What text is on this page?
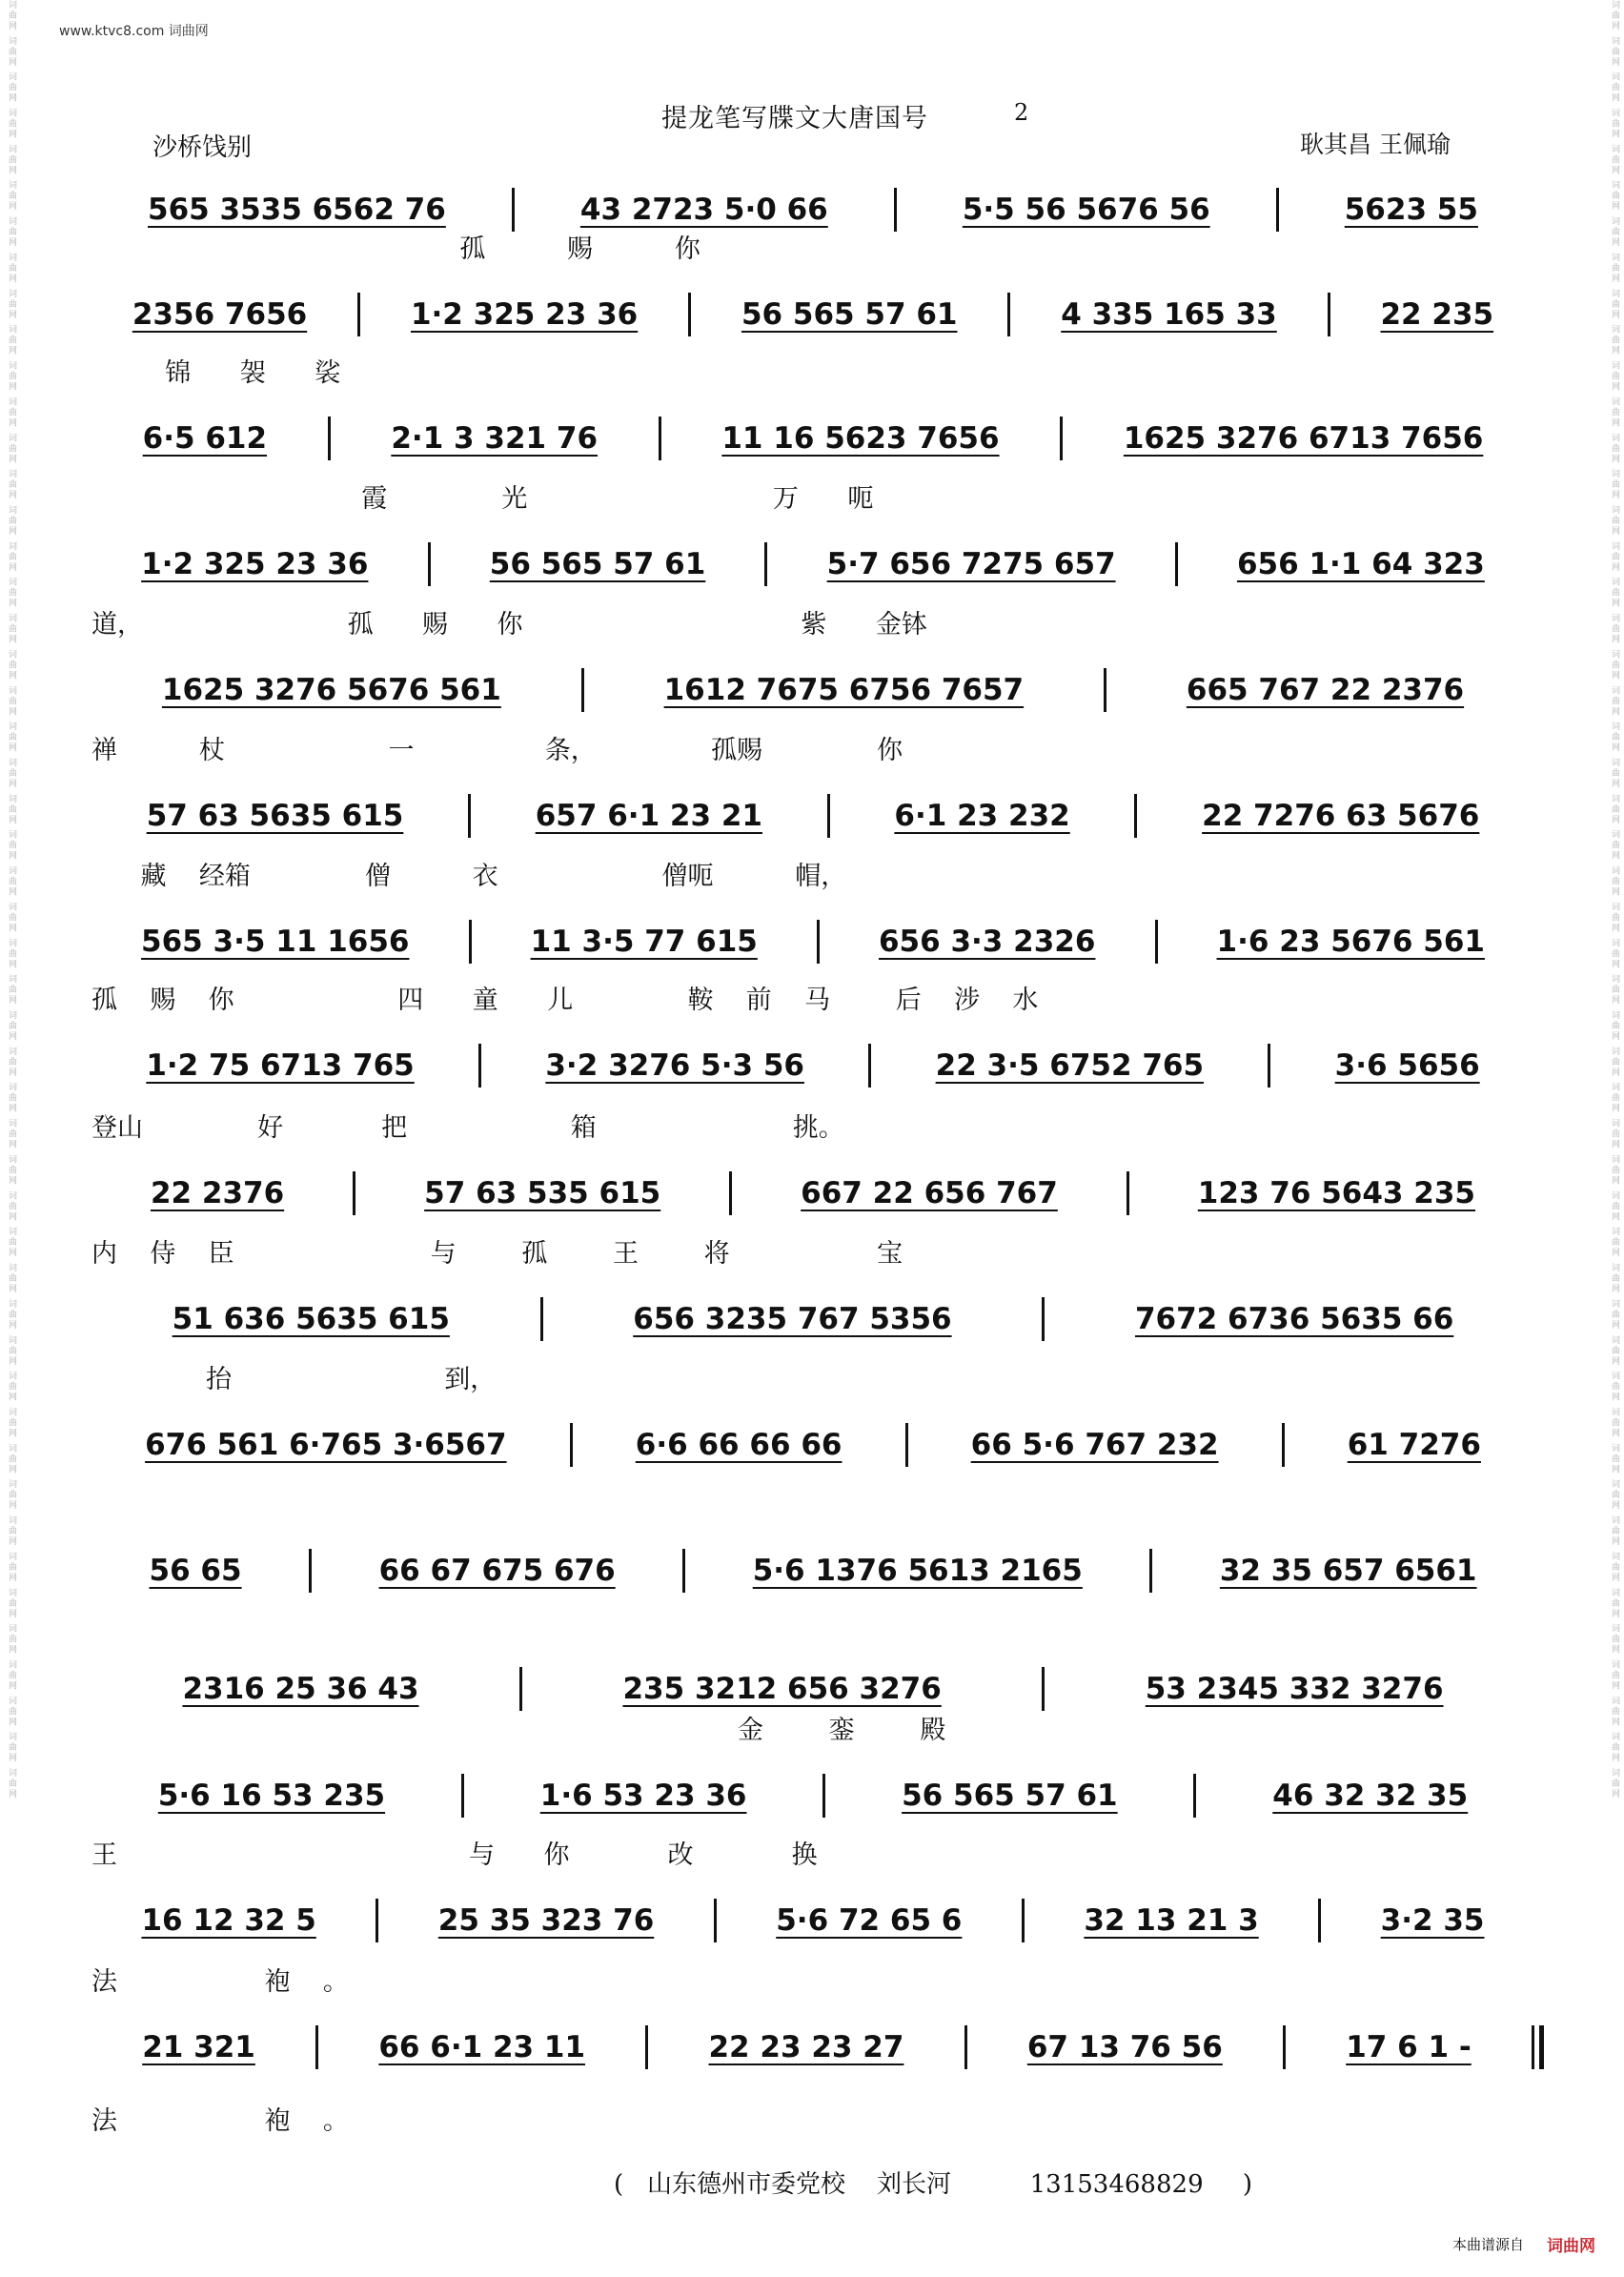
词曲网 词曲网 词曲网 词曲网 词曲网 词曲网 词曲网 词曲网 词曲网 词曲网 词曲网 词曲网 词曲网 词曲网 词曲网 词曲网 词曲网 词曲网 词曲网 词曲网 词曲网 词曲网 词曲网 词曲网 词曲网 词曲网 词曲网 词曲网 词曲网 词曲网 词曲网 词曲网 词曲网 词曲网 词曲网 词曲网 词曲网 词曲网 词曲网 词曲网 词曲网 词曲网 词曲网 词曲网 词曲网 词曲网 词曲网 词曲网 词曲网 词曲网	词曲网 词曲网 词曲网 词曲网 词曲网 词曲网 词曲网 词曲网 词曲网 词曲网 词曲网 词曲网 词曲网 词曲网 词曲网 词曲网 词曲网 词曲网 词曲网 词曲网 词曲网 词曲网 词曲网 词曲网 词曲网 词曲网 词曲网 词曲网 词曲网 词曲网 词曲网 词曲网 词曲网 词曲网 词曲网 词曲网 词曲网 词曲网 词曲网 词曲网 词曲网 词曲网 词曲网 词曲网 词曲网 词曲网 词曲网 词曲网 词曲网 词曲网
www.ktvc8.com 词曲网
提龙笔写牒文大唐国号	2
沙桥饯别	耿其昌 王佩瑜
565 3535 6562 76	43 2723 5·0 66	5·5 56 5676 56	5623 55
2356 7656	1·2 325 23 36	56 565 57 61	4 335 165 33	22 235
孤          赐          你
6·5 612	2·1 3 321 76	11 16 5623 7656	1625 3276 6713 7656
锦      袈      裟
1·2 325 23 36	56 565 57 61	5·7 656 7275 657	656 1·1 64 323
霞              光                              万      呃
1625 3276 5676 561	1612 7675 6756 7657	665 767 22 2376
道，                         孤      赐      你                                  紫      金钵
57 63 5635 615	657 6·1 23 21	6·1 23 232	22 7276 63 5676
禅          杖                    一                条，              孤赐              你
565 3·5 11 1656	11 3·5 77 615	656 3·3 2326	1·6 23 5676 561
藏    经箱              僧          衣                    僧呃          帽，
1·2 75 6713 765	3·2 3276 5·3 56	22 3·5 6752 765	3·6 5656
孤    赐    你                    四      童      儿              鞍    前    马        后    涉    水
22 2376	57 63 535 615	667 22 656 767	123 76 5643 235
登山              好            把                    箱                        挑。
51 636 5635 615	656 3235 767 5356	7672 6736 5635 66
内    侍    臣                        与        孤        王        将                  宝
676 561 6·765 3·6567	6·6 66 66 66	66 5·6 767 232	61 7276
抬                          到，
56 65	66 67 675 676	5·6 1376 5613 2165	32 35 657 6561
2316 25 36 43	235 3212 656 3276	53 2345 332 3276
5·6 16 53 235	1·6 53 23 36	56 565 57 61	46 32 32 35
金        銮        殿
16 12 32 5	25 35 323 76	5·6 72 65 6	32 13 21 3	3·2 35
王                                           与      你            改            换
21 321	66 6·1 23 11	22 23 23 27	67 13 76 56	17 6 1 -
法                  袍    。
法                  袍    。
(   山东德州市委党校    刘长河          13153468829     )
本曲谱源自 词曲网
